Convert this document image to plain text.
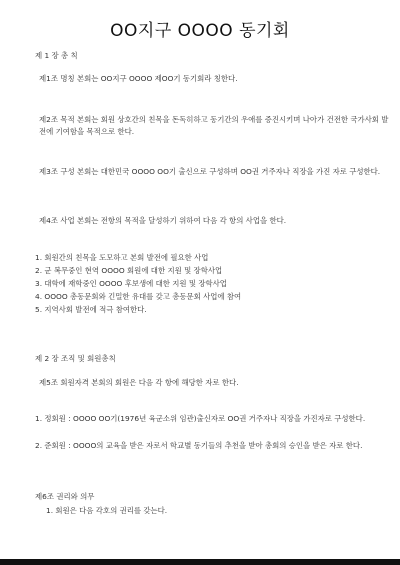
OO지구 OOOO 동기회

제 1 장 총 칙

제1조 명칭 본회는 OO지구 OOOO 제OO기 동기회라 칭한다.

제2조 목적 본회는 회원 상호간의 친목을 돈독히하고 동기간의 우애를 증진시키며 나아가 건전한 국가사회 발전에 기여함을 목적으로 한다.

제3조 구성 본회는 대한민국 OOOO OO기 출신으로 구성하며 OO권 거주자나 직장을 가진 자로 구성한다.

제4조 사업 본회는 전항의 목적을 달성하기 위하여 다음 각 항의 사업을 한다.

1. 회원간의 친목을 도모하고 본회 발전에 필요한 사업

2. 군 복무중인 현역 OOOO 회원에 대한 지원 및 장학사업

3. 대학에 재학중인 OOOO 후보생에 대한 지원 및 장학사업

4. OOOO 총동문회와 긴밀한 유대를 갖고 총동문회 사업에 참여

5. 지역사회 발전에 적극 참여한다.

제 2 장 조직 및 회원총칙

제5조 회원자격 본회의 회원은 다음 각 항에 해당한 자로 한다.

1. 정회원 : OOOO OO기(1976년 육군소위 임관)출신자로 OO권 거주자나 직장을 가진자로 구성한다.

2. 준회원 : OOOO의 교육을 받은 자로서 학교별 동기들의 추천을 받아 총회의 승인을 받은 자로 한다.

제6조 권리와 의무

1. 회원은 다음 각호의 권리를 갖는다.
